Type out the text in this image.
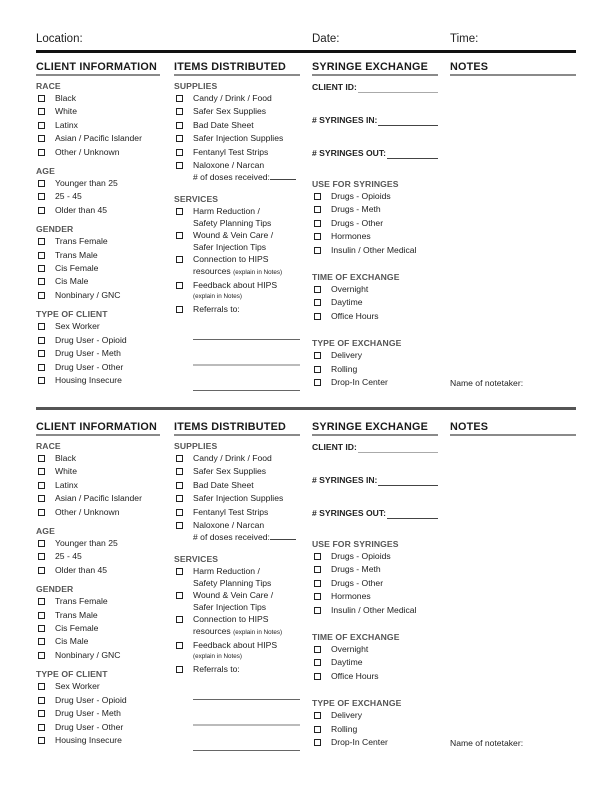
Location:	Date:	Time:
CLIENT INFORMATION
RACE
Black
White
Latinx
Asian / Pacific Islander
Other / Unknown
AGE
Younger than 25
25 - 45
Older than 45
GENDER
Trans Female
Trans Male
Cis Female
Cis Male
Nonbinary / GNC
TYPE OF CLIENT
Sex Worker
Drug User - Opioid
Drug User - Meth
Drug User - Other
Housing Insecure
ITEMS DISTRIBUTED
SUPPLIES
Candy / Drink / Food
Safer Sex Supplies
Bad Date Sheet
Safer Injection Supplies
Fentanyl Test Strips
Naloxone / Narcan
# of doses received:
SERVICES
Harm Reduction /
Safety Planning Tips
Wound & Vein Care /
Safer Injection Tips
Connection to HIPS
resources (explain in Notes)
Feedback about HIPS
(explain in Notes)
Referrals to:
SYRINGE EXCHANGE
CLIENT ID:
# SYRINGES IN:
# SYRINGES OUT:
USE FOR SYRINGES
Drugs - Opioids
Drugs - Meth
Drugs - Other
Hormones
Insulin / Other Medical
TIME OF EXCHANGE
Overnight
Daytime
Office Hours
TYPE OF EXCHANGE
Delivery
Rolling
Drop-In Center
NOTES
Name of notetaker:
CLIENT INFORMATION
RACE
Black
White
Latinx
Asian / Pacific Islander
Other / Unknown
AGE
Younger than 25
25 - 45
Older than 45
GENDER
Trans Female
Trans Male
Cis Female
Cis Male
Nonbinary / GNC
TYPE OF CLIENT
Sex Worker
Drug User - Opioid
Drug User - Meth
Drug User - Other
Housing Insecure
ITEMS DISTRIBUTED
SUPPLIES
Candy / Drink / Food
Safer Sex Supplies
Bad Date Sheet
Safer Injection Supplies
Fentanyl Test Strips
Naloxone / Narcan
# of doses received:
SERVICES
Harm Reduction /
Safety Planning Tips
Wound & Vein Care /
Safer Injection Tips
Connection to HIPS
resources (explain in Notes)
Feedback about HIPS
(explain in Notes)
Referrals to:
SYRINGE EXCHANGE
CLIENT ID:
# SYRINGES IN:
# SYRINGES OUT:
USE FOR SYRINGES
Drugs - Opioids
Drugs - Meth
Drugs - Other
Hormones
Insulin / Other Medical
TIME OF EXCHANGE
Overnight
Daytime
Office Hours
TYPE OF EXCHANGE
Delivery
Rolling
Drop-In Center
NOTES
Name of notetaker:
